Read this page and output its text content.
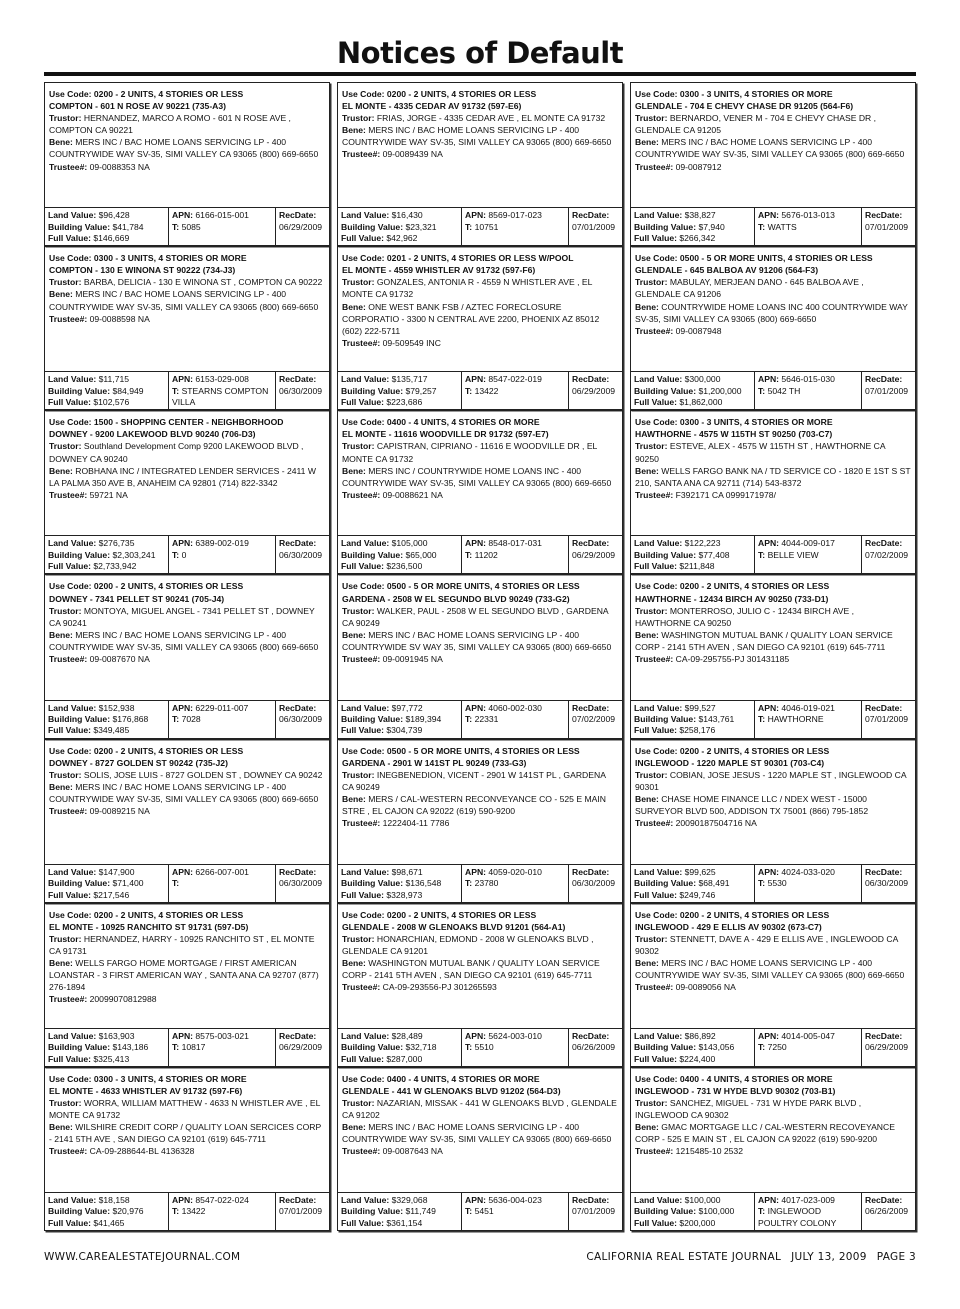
Notices of Default
Use Code: 0200 - 2 UNITS, 4 STORIES OR LESS
COMPTON - 601 N ROSE AV 90221 (735-A3)
Trustor: HERNANDEZ, MARCO A ROMO - 601 N ROSE AVE , COMPTON CA 90221
Bene: MERS INC / BAC HOME LOANS SERVICING LP - 400 COUNTRYWIDE WAY SV-35, SIMI VALLEY CA 93065 (800) 669-6650
Trustee#: 09-0088353 NA
Land Value: $96,428
Building Value: $41,784
Full Value: $146,669
APN: 6166-015-001
T: 5085
RecDate:
06/29/2009
Use Code: 0200 - 2 UNITS, 4 STORIES OR LESS
EL MONTE - 4335 CEDAR AV 91732 (597-E6)
Trustor: FRIAS, JORGE - 4335 CEDAR AVE , EL MONTE CA 91732
Bene: MERS INC / BAC HOME LOANS SERVICING LP - 400 COUNTRYWIDE WAY SV-35, SIMI VALLEY CA 93065 (800) 669-6650
Trustee#: 09-0089439 NA
Land Value: $16,430
Building Value: $23,321
Full Value: $42,962
APN: 8569-017-023
T: 10751
RecDate:
07/01/2009
Use Code: 0300 - 3 UNITS, 4 STORIES OR MORE
GLENDALE - 704 E CHEVY CHASE DR 91205 (564-F6)
Trustor: BERNARDO, VENER M - 704 E CHEVY CHASE DR , GLENDALE CA 91205
Bene: MERS INC / BAC HOME LOANS SERVICING LP - 400 COUNTRYWIDE WAY SV-35, SIMI VALLEY CA 93065 (800) 669-6650
Trustee#: 09-0087912
Land Value: $38,827
Building Value: $7,940
Full Value: $266,342
APN: 5676-013-013
T: WATTS
RecDate:
07/01/2009
Use Code: 0300 - 3 UNITS, 4 STORIES OR MORE
COMPTON - 130 E WINONA ST 90222 (734-J3)
Trustor: BARBA, DELICIA - 130 E WINONA ST , COMPTON CA 90222
Bene: MERS INC / BAC HOME LOANS SERVICING LP - 400 COUNTRYWIDE WAY SV-35, SIMI VALLEY CA 93065 (800) 669-6650
Trustee#: 09-0088598 NA
Land Value: $11,715
Building Value: $84,949
Full Value: $102,576
APN: 6153-029-008
T: STEARNS COMPTON VILLA
RecDate:
06/30/2009
Use Code: 0201 - 2 UNITS, 4 STORIES OR LESS W/POOL
EL MONTE - 4559 WHISTLER AV 91732 (597-F6)
Trustor: GONZALES, ANTONIA R - 4559 N WHISTLER AVE , EL MONTE CA 91732
Bene: ONE WEST BANK FSB / AZTEC FORECLOSURE CORPORATIO - 3300 N CENTRAL AVE 2200, PHOENIX AZ 85012 (602) 222-5711
Trustee#: 09-509549 INC
Land Value: $135,717
Building Value: $79,257
Full Value: $223,686
APN: 8547-022-019
T: 13422
RecDate:
06/29/2009
Use Code: 0500 - 5 OR MORE UNITS, 4 STORIES OR LESS
GLENDALE - 645 BALBOA AV 91206 (564-F3)
Trustor: MABULAY, MERJEAN DANO - 645 BALBOA AVE , GLENDALE CA 91206
Bene: COUNTRYWIDE HOME LOANS INC 400 COUNTRYWIDE WAY SV-35, SIMI VALLEY CA 93065 (800) 669-6650
Trustee#: 09-0087948
Land Value: $300,000
Building Value: $1,200,000
Full Value: $1,862,000
APN: 5646-015-030
T: 5042 TH
RecDate:
07/01/2009
Use Code: 1500 - SHOPPING CENTER - NEIGHBORHOOD
DOWNEY - 9200 LAKEWOOD BLVD 90240 (706-D3)
Trustor: Southland Development Comp 9200 LAKEWOOD BLVD , DOWNEY CA 90240
Bene: ROBHANA INC / INTEGRATED LENDER SERVICES - 2411 W LA PALMA 350 AVE B, ANAHEIM CA 92801 (714) 822-3342
Trustee#: 59721 NA
Land Value: $276,735
Building Value: $2,303,241
Full Value: $2,733,942
APN: 6389-002-019
T: 0
RecDate:
06/30/2009
Use Code: 0400 - 4 UNITS, 4 STORIES OR MORE
EL MONTE - 11616 WOODVILLE DR 91732 (597-E7)
Trustor: CAPISTRAN, CIPRIANO - 11616 E WOODVILLE DR , EL MONTE CA 91732
Bene: MERS INC / COUNTRYWIDE HOME LOANS INC - 400 COUNTRYWIDE WAY SV-35, SIMI VALLEY CA 93065 (800) 669-6650
Trustee#: 09-0088621 NA
Land Value: $105,000
Building Value: $65,000
Full Value: $236,500
APN: 8548-017-031
T: 11202
RecDate:
06/29/2009
Use Code: 0300 - 3 UNITS, 4 STORIES OR MORE
HAWTHORNE - 4575 W 115TH ST 90250 (703-C7)
Trustor: ESTEVE, ALEX - 4575 W 115TH ST , HAWTHORNE CA 90250
Bene: WELLS FARGO BANK NA / TD SERVICE CO - 1820 E 1ST S ST 210, SANTA ANA CA 92711 (714) 543-8372
Trustee#: F392171 CA 0999171978/
Land Value: $122,223
Building Value: $77,408
Full Value: $211,848
APN: 4044-009-017
T: BELLE VIEW
RecDate:
07/02/2009
Use Code: 0200 - 2 UNITS, 4 STORIES OR LESS
DOWNEY - 7341 PELLET ST 90241 (705-J4)
Trustor: MONTOYA, MIGUEL ANGEL - 7341 PELLET ST , DOWNEY CA 90241
Bene: MERS INC / BAC HOME LOANS SERVICING LP - 400 COUNTRYWIDE WAY SV-35, SIMI VALLEY CA 93065 (800) 669-6650
Trustee#: 09-0087670 NA
Land Value: $152,938
Building Value: $176,868
Full Value: $349,485
APN: 6229-011-007
T: 7028
RecDate:
06/30/2009
Use Code: 0500 - 5 OR MORE UNITS, 4 STORIES OR LESS
GARDENA - 2508 W EL SEGUNDO BLVD 90249 (733-G2)
Trustor: WALKER, PAUL - 2508 W EL SEGUNDO BLVD , GARDENA CA 90249
Bene: MERS INC / BAC HOME LOANS SERVICING LP - 400 COUNTRYWIDE SV WAY 35, SIMI VALLEY CA 93065 (800) 669-6650
Trustee#: 09-0091945 NA
Land Value: $97,772
Building Value: $189,394
Full Value: $304,739
APN: 4060-002-030
T: 22331
RecDate:
07/02/2009
Use Code: 0200 - 2 UNITS, 4 STORIES OR LESS
HAWTHORNE - 12434 BIRCH AV 90250 (733-D1)
Trustor: MONTERROSO, JULIO C - 12434 BIRCH AVE , HAWTHORNE CA 90250
Bene: WASHINGTON MUTUAL BANK / QUALITY LOAN SERVICE CORP - 2141 5TH AVEN , SAN DIEGO CA 92101 (619) 645-7711
Trustee#: CA-09-295755-PJ 301431185
Land Value: $99,527
Building Value: $143,761
Full Value: $258,176
APN: 4046-019-021
T: HAWTHORNE
RecDate:
07/01/2009
Use Code: 0200 - 2 UNITS, 4 STORIES OR LESS
DOWNEY - 8727 GOLDEN ST 90242 (735-J2)
Trustor: SOLIS, JOSE LUIS - 8727 GOLDEN ST , DOWNEY CA 90242
Bene: MERS INC / BAC HOME LOANS SERVICING LP - 400 COUNTRYWIDE WAY SV-35, SIMI VALLEY CA 93065 (800) 669-6650
Trustee#: 09-0089215 NA
Land Value: $147,900
Building Value: $71,400
Full Value: $217,546
APN: 6266-007-001
T:
RecDate:
06/30/2009
Use Code: 0500 - 5 OR MORE UNITS, 4 STORIES OR LESS
GARDENA - 2901 W 141ST PL 90249 (733-G3)
Trustor: INEGBENEDION, VICENT - 2901 W 141ST PL , GARDENA CA 90249
Bene: MERS / CAL-WESTERN RECONVEYANCE CO - 525 E MAIN STRE , EL CAJON CA 92022 (619) 590-9200
Trustee#: 1222404-11 7786
Land Value: $98,671
Building Value: $136,548
Full Value: $328,973
APN: 4059-020-010
T: 23780
RecDate:
06/30/2009
Use Code: 0200 - 2 UNITS, 4 STORIES OR LESS
INGLEWOOD - 1220 MAPLE ST 90301 (703-C4)
Trustor: COBIAN, JOSE JESUS - 1220 MAPLE ST , INGLEWOOD CA 90301
Bene: CHASE HOME FINANCE LLC / NDEX WEST - 15000 SURVEYOR BLVD 500, ADDISON TX 75001 (866) 795-1852
Trustee#: 20090187504716 NA
Land Value: $99,625
Building Value: $68,491
Full Value: $249,746
APN: 4024-033-020
T: 5530
RecDate:
06/30/2009
Use Code: 0200 - 2 UNITS, 4 STORIES OR LESS
EL MONTE - 10925 RANCHITO ST 91731 (597-D5)
Trustor: HERNANDEZ, HARRY - 10925 RANCHITO ST , EL MONTE CA 91731
Bene: WELLS FARGO HOME MORTGAGE / FIRST AMERICAN LOANSTAR - 3 FIRST AMERICAN WAY , SANTA ANA CA 92707 (877) 276-1894
Trustee#: 20099070812988
Land Value: $163,903
Building Value: $143,186
Full Value: $325,413
APN: 8575-003-021
T: 10817
RecDate:
06/29/2009
Use Code: 0200 - 2 UNITS, 4 STORIES OR LESS
GLENDALE - 2008 W GLENOAKS BLVD 91201 (564-A1)
Trustor: HONARCHIAN, EDMOND - 2008 W GLENOAKS BLVD , GLENDALE CA 91201
Bene: WASHINGTON MUTUAL BANK / QUALITY LOAN SERVICE CORP - 2141 5TH AVEN , SAN DIEGO CA 92101 (619) 645-7711
Trustee#: CA-09-293556-PJ 301265593
Land Value: $28,489
Building Value: $32,718
Full Value: $287,000
APN: 5624-003-010
T: 5510
RecDate:
06/26/2009
Use Code: 0200 - 2 UNITS, 4 STORIES OR LESS
INGLEWOOD - 429 E ELLIS AV 90302 (673-C7)
Trustor: STENNETT, DAVE A - 429 E ELLIS AVE , INGLEWOOD CA 90302
Bene: MERS INC / BAC HOME LOANS SERVICING LP - 400 COUNTRYWIDE WAY SV-35, SIMI VALLEY CA 93065 (800) 669-6650
Trustee#: 09-0089056 NA
Land Value: $86,892
Building Value: $143,056
Full Value: $224,400
APN: 4014-005-047
T: 7250
RecDate:
06/29/2009
Use Code: 0300 - 3 UNITS, 4 STORIES OR MORE
EL MONTE - 4633 WHISTLER AV 91732 (597-F6)
Trustor: WORRA, WILLIAM MATTHEW - 4633 N WHISTLER AVE , EL MONTE CA 91732
Bene: WILSHIRE CREDIT CORP / QUALITY LOAN SERCICES CORP - 2141 5TH AVE , SAN DIEGO CA 92101 (619) 645-7711
Trustee#: CA-09-288644-BL 4136328
Land Value: $18,158
Building Value: $20,976
Full Value: $41,465
APN: 8547-022-024
T: 13422
RecDate:
07/01/2009
Use Code: 0400 - 4 UNITS, 4 STORIES OR MORE
GLENDALE - 441 W GLENOAKS BLVD 91202 (564-D3)
Trustor: NAZARIAN, MISSAK - 441 W GLENOAKS BLVD , GLENDALE CA 91202
Bene: MERS INC / BAC HOME LOANS SERVICING LP - 400 COUNTRYWIDE WAY SV-35, SIMI VALLEY CA 93065 (800) 669-6650
Trustee#: 09-0087643 NA
Land Value: $329,068
Building Value: $11,749
Full Value: $361,154
APN: 5636-004-023
T: 5451
RecDate:
07/01/2009
Use Code: 0400 - 4 UNITS, 4 STORIES OR MORE
INGLEWOOD - 731 W HYDE BLVD 90302 (703-B1)
Trustor: SANCHEZ, MIGUEL - 731 W HYDE PARK BLVD , INGLEWOOD CA 90302
Bene: GMAC MORTGAGE LLC / CAL-WESTERN RECOVEYANCE CORP - 525 E MAIN ST , EL CAJON CA 92022 (619) 590-9200
Trustee#: 1215485-10 2532
Land Value: $100,000
Building Value: $100,000
Full Value: $200,000
APN: 4017-023-009
T: INGLEWOOD POULTRY COLONY
RecDate:
06/26/2009
WWW.CAREALESTATEJOURNAL.COM	CALIFORNIA REAL ESTATE JOURNAL JULY 13, 2009 PAGE 3
